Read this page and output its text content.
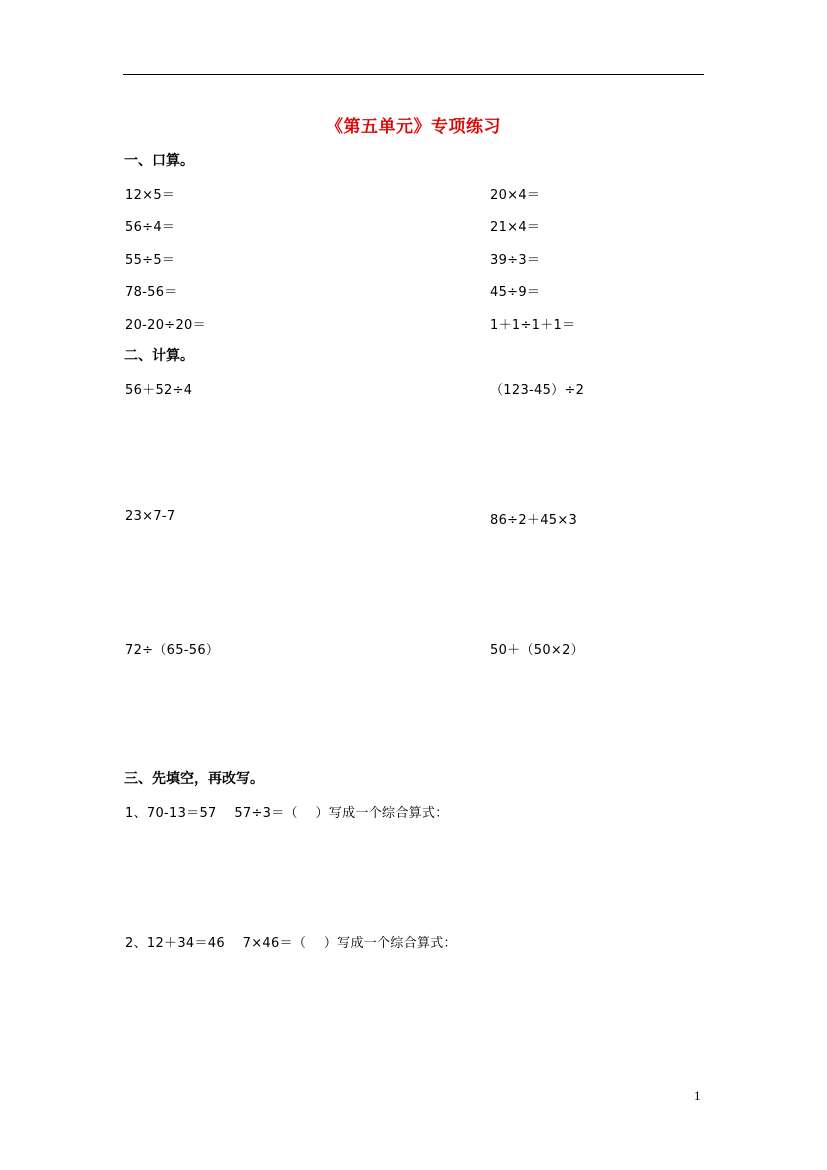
《第五单元》专项练习
一、口算。
12×5＝	20×4＝
56÷4＝	21×4＝
55÷5＝	39÷3＝
78-56＝	45÷9＝
20-20÷20＝	1＋1÷1＋1＝
二、计算。
56＋52÷4	（123-45）÷2
23×7-7	86÷2＋45×3
72÷（65-56）	50＋（50×2）
三、先填空，再改写。
1、70-13＝57    57÷3＝（    ）写成一个综合算式：
2、12＋34＝46    7×46＝（    ）写成一个综合算式：
1
